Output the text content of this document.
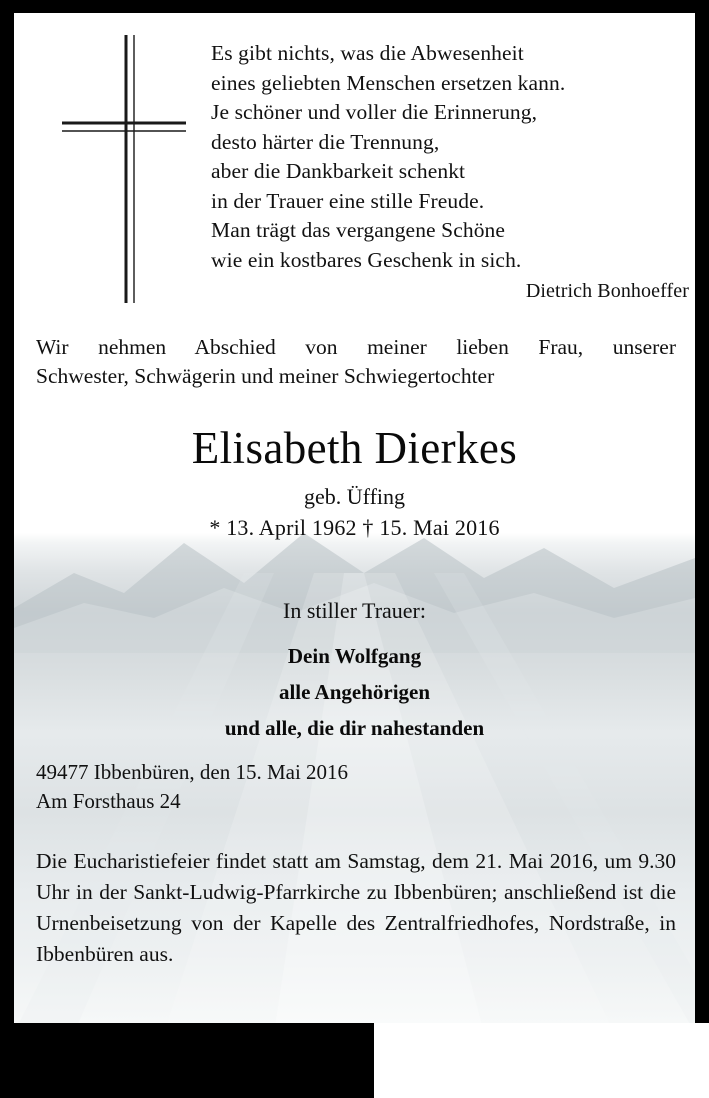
Es gibt nichts, was die Abwesenheit
eines geliebten Menschen ersetzen kann.
Je schöner und voller die Erinnerung,
desto härter die Trennung,
aber die Dankbarkeit schenkt
in der Trauer eine stille Freude.
Man trägt das vergangene Schöne
wie ein kostbares Geschenk in sich.
Dietrich Bonhoeffer
Wir nehmen Abschied von meiner lieben Frau, unserer
Schwester, Schwägerin und meiner Schwiegertochter
Elisabeth Dierkes
geb. Üffing
* 13. April 1962 † 15. Mai 2016
In stiller Trauer:
Dein Wolfgang
alle Angehörigen
und alle, die dir nahestanden
49477 Ibbenbüren, den 15. Mai 2016
Am Forsthaus 24

Die Eucharistiefeier findet statt am Samstag, dem 21. Mai 2016, um 9.30 Uhr in der Sankt-Ludwig-Pfarrkirche zu Ibbenbüren; anschließend ist die Urnenbeisetzung von der Kapelle des Zentralfriedhofes, Nordstraße, in Ibbenbüren aus.
